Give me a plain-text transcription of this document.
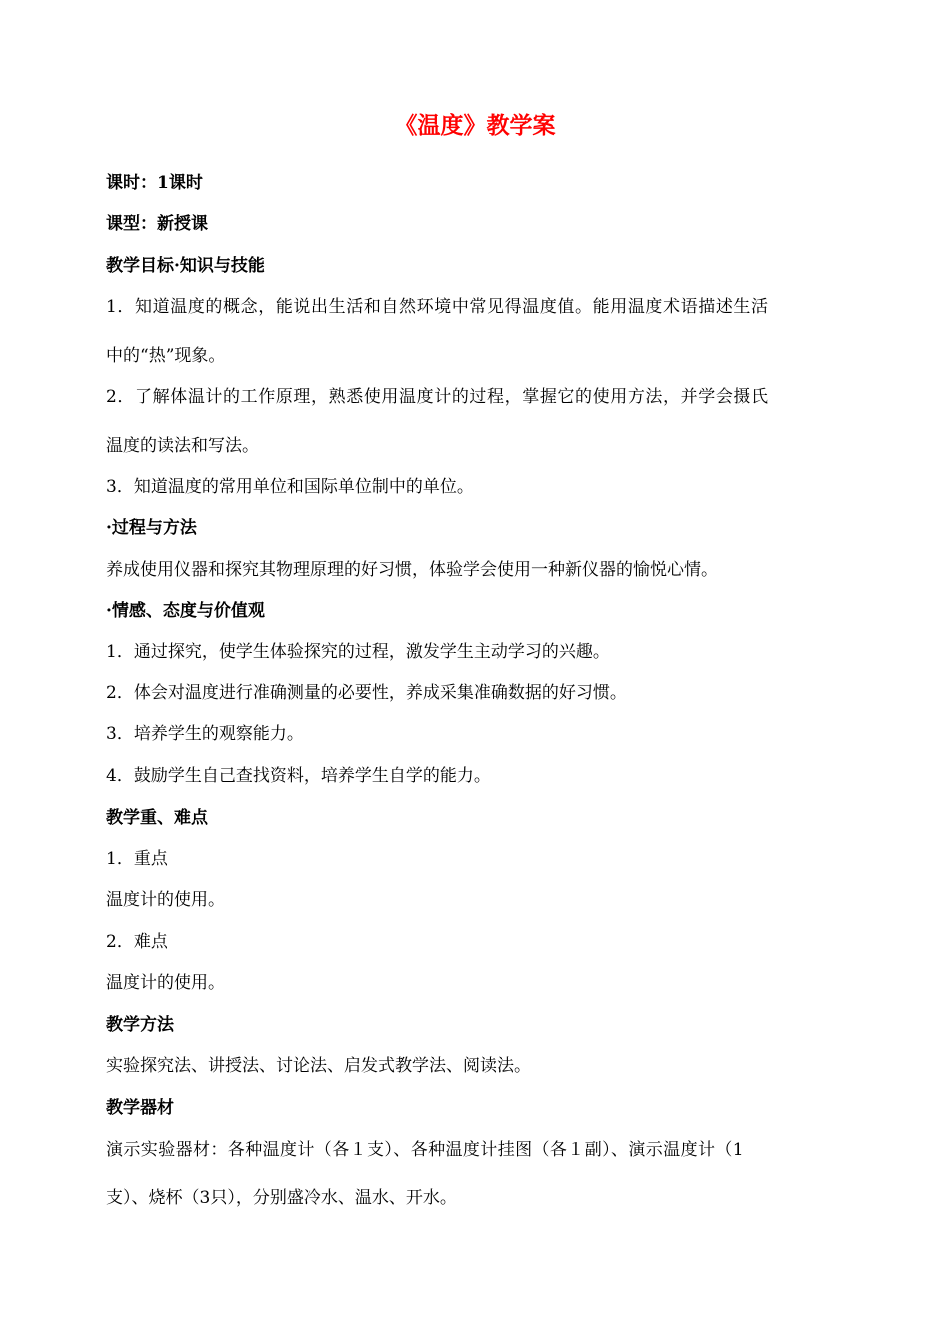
《温度》教学案
课时：1课时
课型：新授课
教学目标·知识与技能
1．知道温度的概念，能说出生活和自然环境中常见得温度值。能用温度术语描述生活
中的“热”现象。
2．了解体温计的工作原理，熟悉使用温度计的过程，掌握它的使用方法，并学会摄氏
温度的读法和写法。
3．知道温度的常用单位和国际单位制中的单位。
·过程与方法
养成使用仪器和探究其物理原理的好习惯，体验学会使用一种新仪器的愉悦心情。
·情感、态度与价值观
1．通过探究，使学生体验探究的过程，激发学生主动学习的兴趣。
2．体会对温度进行准确测量的必要性，养成采集准确数据的好习惯。
3．培养学生的观察能力。
4．鼓励学生自己查找资料，培养学生自学的能力。
教学重、难点
1．重点
温度计的使用。
2．难点
温度计的使用。
教学方法
实验探究法、讲授法、讨论法、启发式教学法、阅读法。
教学器材
演示实验器材：各种温度计（各１支）、各种温度计挂图（各１副）、演示温度计（1
支）、烧杯（3只），分别盛冷水、温水、开水。
